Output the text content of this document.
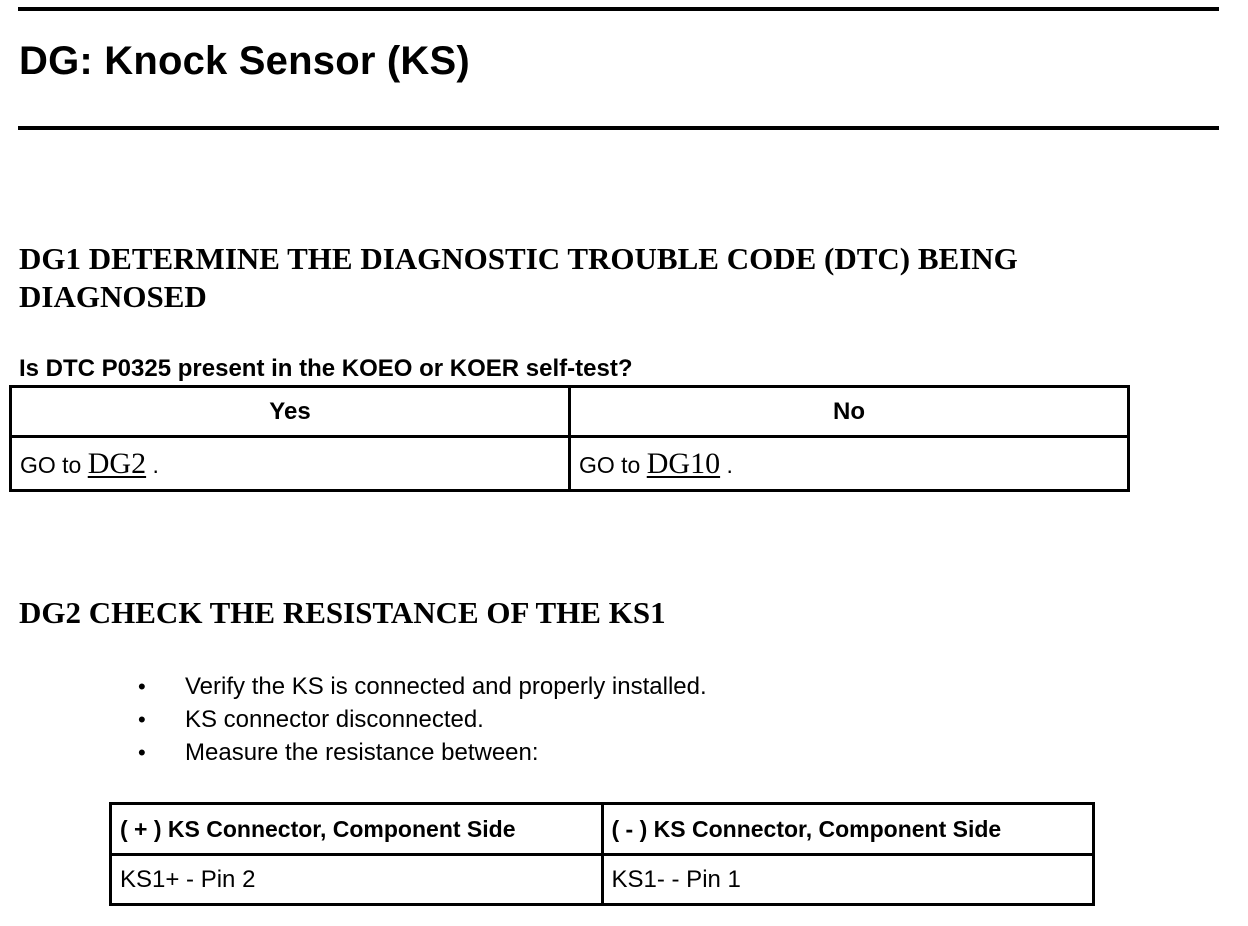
DG: Knock Sensor (KS)
DG1 DETERMINE THE DIAGNOSTIC TROUBLE CODE (DTC) BEING DIAGNOSED

Is DTC P0325 present in the KOEO or KOER self-test?

Yes	No
GO to DG2 .	GO to DG10 .
DG2 CHECK THE RESISTANCE OF THE KS1
• Verify the KS is connected and properly installed.
• KS connector disconnected.
• Measure the resistance between:
( + ) KS Connector, Component Side	( - ) KS Connector, Component Side
KS1+ - Pin 2	KS1- - Pin 1
